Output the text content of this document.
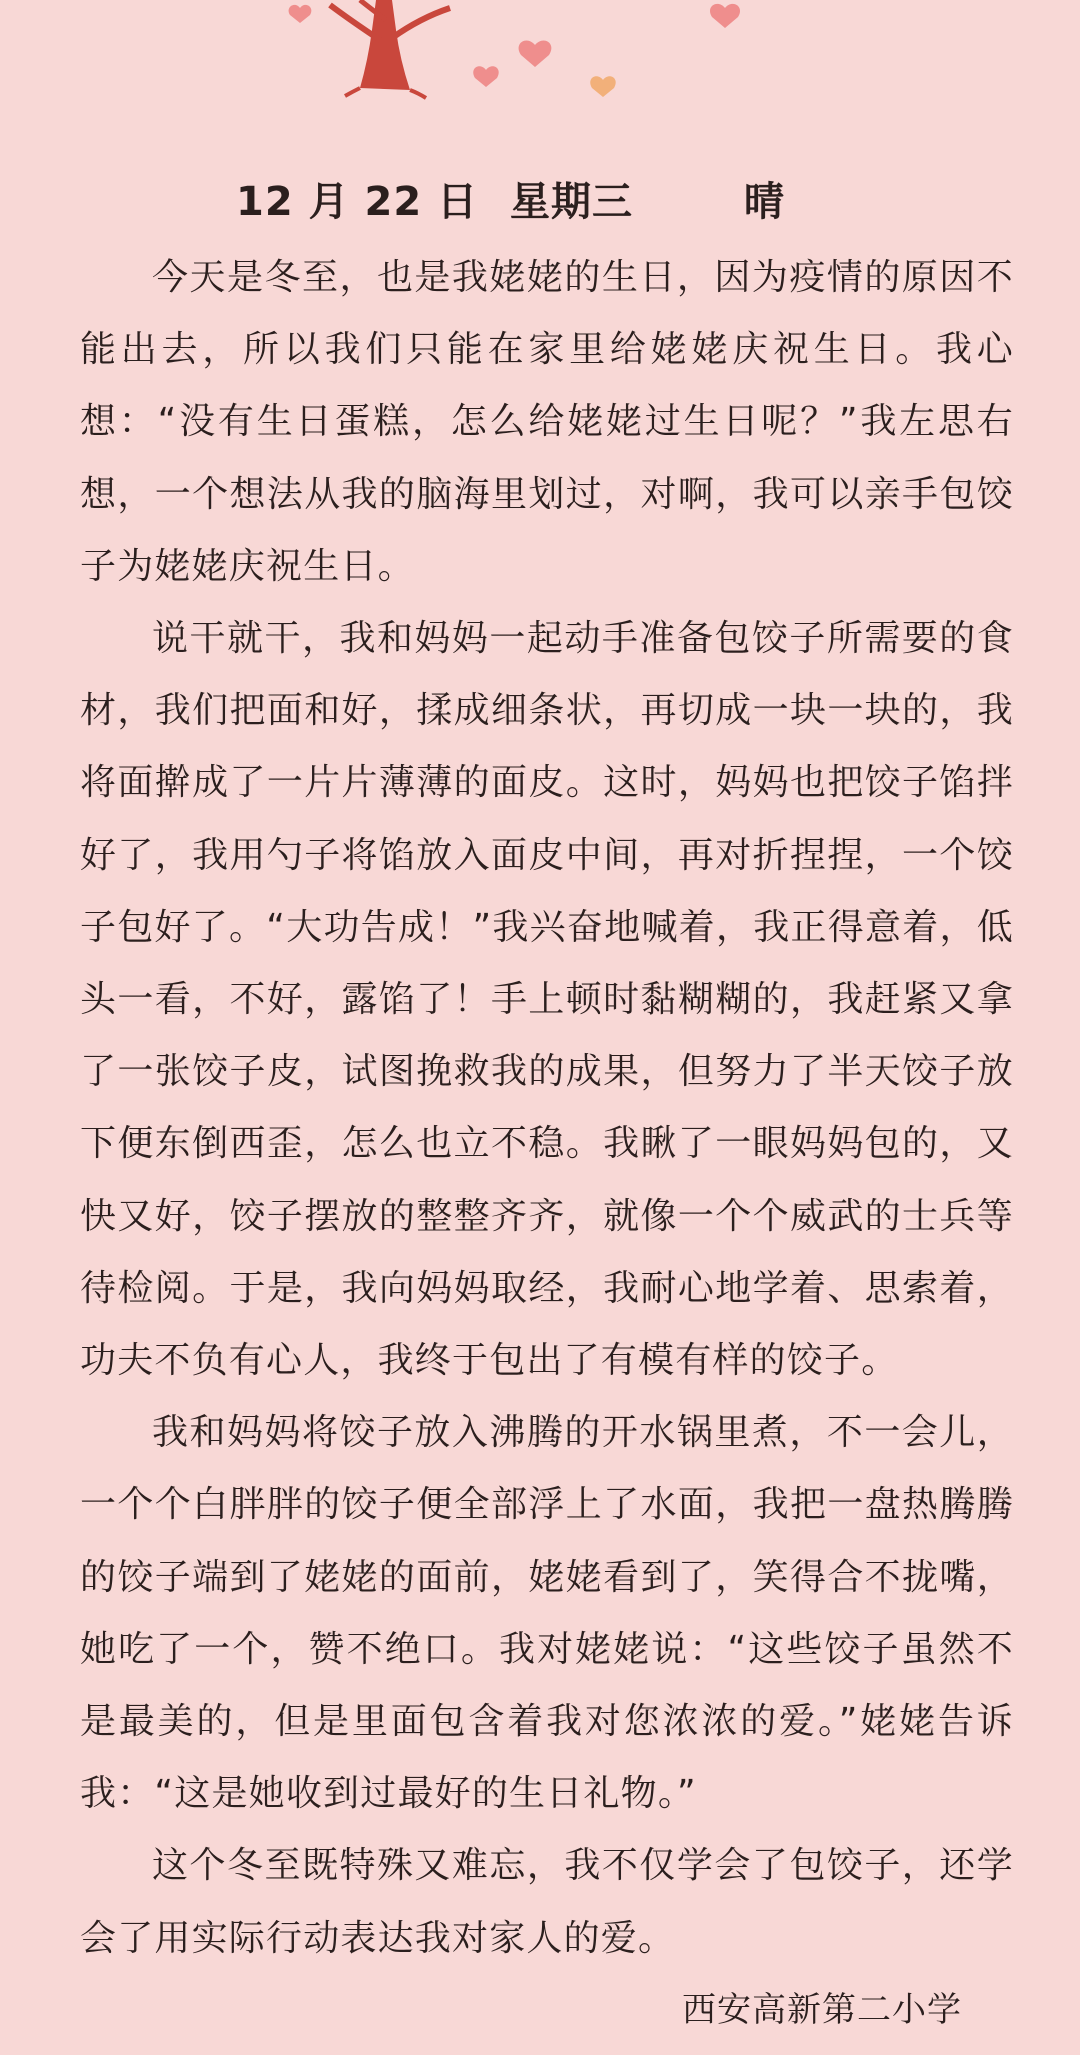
12 月 22 日 星期三	晴

今天是冬至，也是我姥姥的生日，因为疫情的原因不能出去，所以我们只能在家里给姥姥庆祝生日。我心想：“没有生日蛋糕，怎么给姥姥过生日呢？”我左思右想，一个想法从我的脑海里划过，对啊，我可以亲手包饺子为姥姥庆祝生日。

说干就干，我和妈妈一起动手准备包饺子所需要的食材，我们把面和好，揉成细条状，再切成一块一块的，我将面擀成了一片片薄薄的面皮。这时，妈妈也把饺子馅拌好了，我用勺子将馅放入面皮中间，再对折捏捏，一个饺子包好了。“大功告成！”我兴奋地喊着，我正得意着，低头一看，不好，露馅了！手上顿时黏糊糊的，我赶紧又拿了一张饺子皮，试图挽救我的成果，但努力了半天饺子放下便东倒西歪，怎么也立不稳。我瞅了一眼妈妈包的，又快又好，饺子摆放的整整齐齐，就像一个个威武的士兵等待检阅。于是，我向妈妈取经，我耐心地学着、思索着，功夫不负有心人，我终于包出了有模有样的饺子。

我和妈妈将饺子放入沸腾的开水锅里煮，不一会儿，一个个白胖胖的饺子便全部浮上了水面，我把一盘热腾腾的饺子端到了姥姥的面前，姥姥看到了，笑得合不拢嘴，她吃了一个，赞不绝口。我对姥姥说：“这些饺子虽然不是最美的，但是里面包含着我对您浓浓的爱。”姥姥告诉我：“这是她收到过最好的生日礼物。”

这个冬至既特殊又难忘，我不仅学会了包饺子，还学会了用实际行动表达我对家人的爱。

西安高新第二小学
